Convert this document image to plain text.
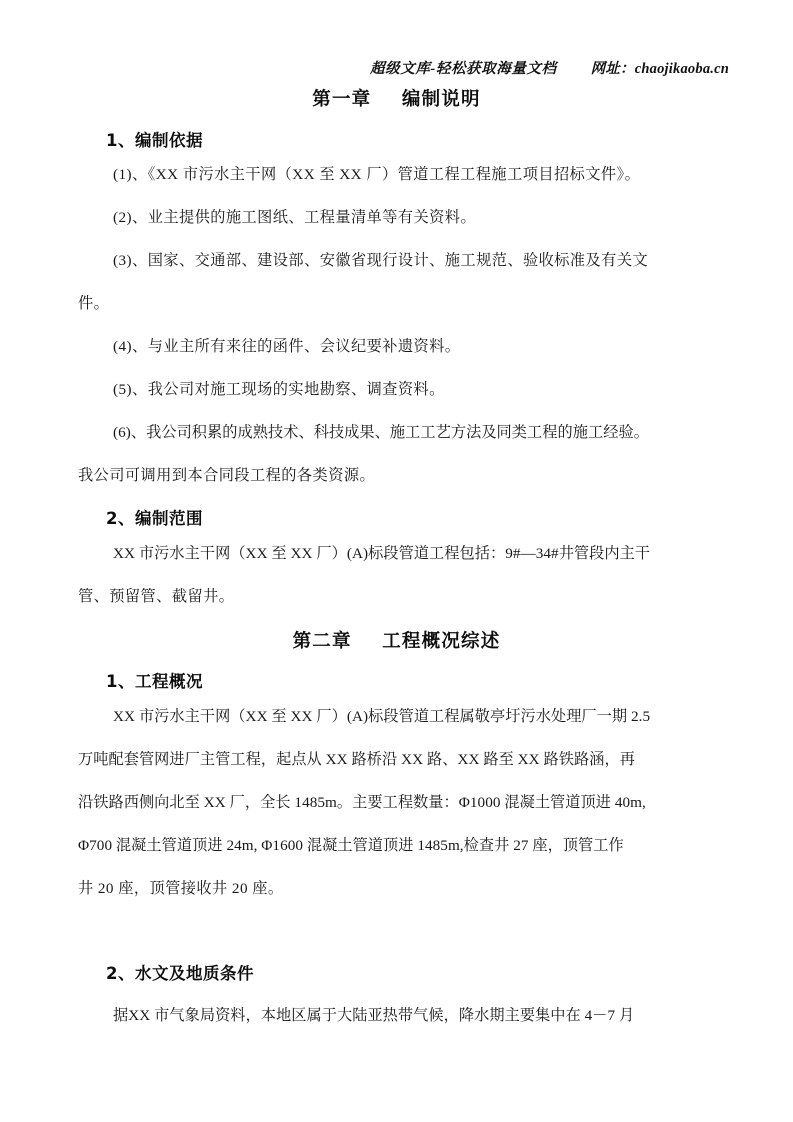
超级文库-轻松获取海量文档 网址：chaojikaoba.cn
第一章    编制说明
1、编制依据
(1)、《XX 市污水主干网（XX 至 XX 厂）管道工程工程施工项目招标文件》。
(2)、业主提供的施工图纸、工程量清单等有关资料。
(3)、国家、交通部、建设部、安徽省现行设计、施工规范、验收标准及有关文
件。
(4)、与业主所有来往的函件、会议纪要补遗资料。
(5)、我公司对施工现场的实地勘察、调查资料。
(6)、我公司积累的成熟技术、科技成果、施工工艺方法及同类工程的施工经验。
我公司可调用到本合同段工程的各类资源。
2、编制范围
XX 市污水主干网（XX 至 XX 厂）(A)标段管道工程包括：9#—34#井管段内主干
管、预留管、截留井。
第二章    工程概况综述
1、工程概况
XX 市污水主干网（XX 至 XX 厂）(A)标段管道工程属敬亭圩污水处理厂一期 2.5
万吨配套管网进厂主管工程，起点从 XX 路桥沿 XX 路、XX 路至 XX 路铁路涵，再
沿铁路西侧向北至 XX 厂，全长 1485m。主要工程数量：Φ1000 混凝土管道顶进 40m,
Φ700 混凝土管道顶进 24m, Φ1600 混凝土管道顶进 1485m,检查井 27 座，顶管工作
井 20 座，顶管接收井 20 座。
2、水文及地质条件
据XX 市气象局资料，本地区属于大陆亚热带气候，降水期主要集中在 4－7 月
